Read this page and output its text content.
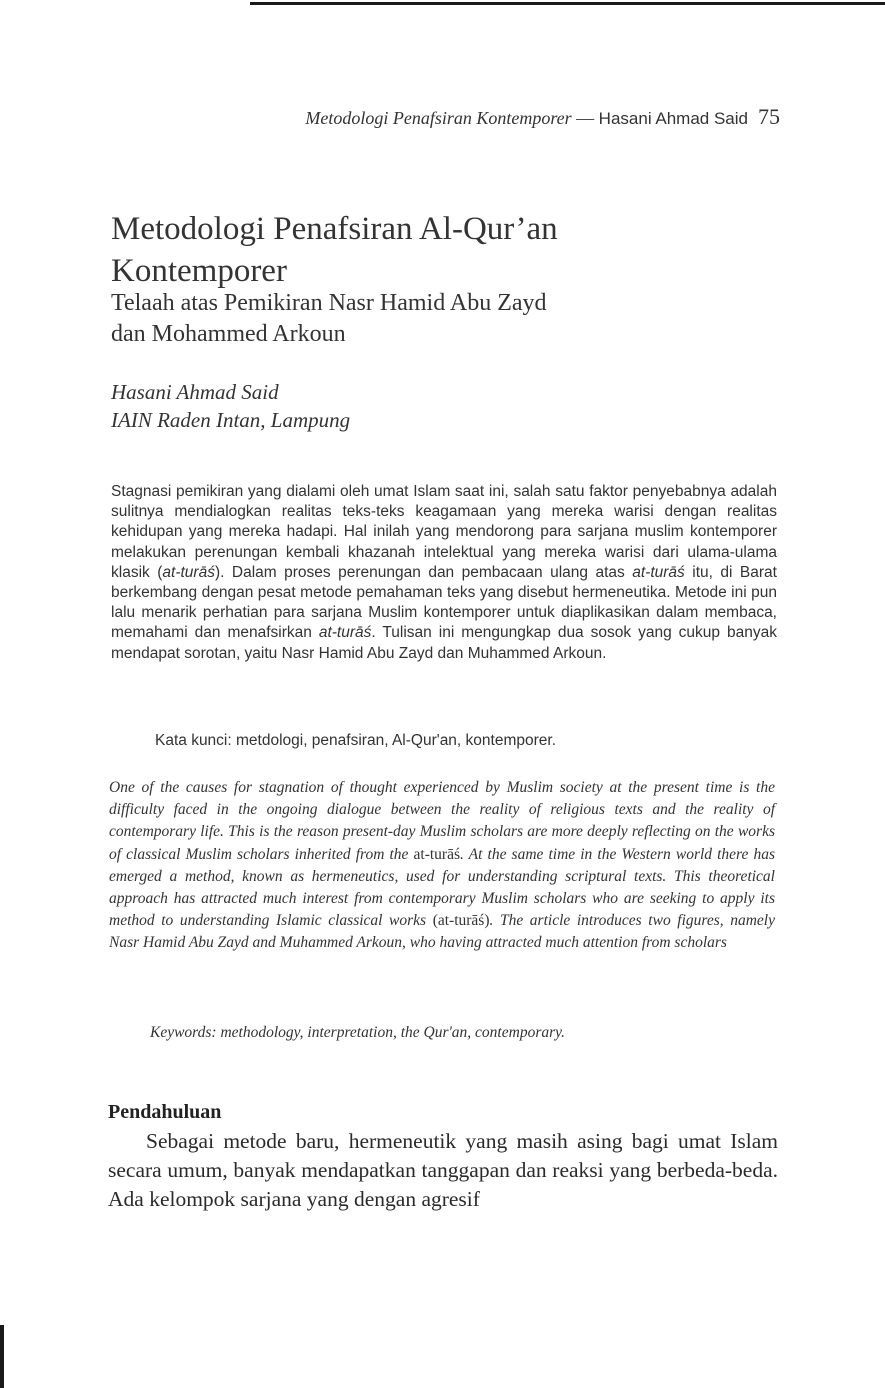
Metodologi Penafsiran Kontemporer — Hasani Ahmad Said 75
Metodologi Penafsiran Al-Qur’an
Kontemporer
Telaah atas Pemikiran Nasr Hamid Abu Zayd
dan Mohammed Arkoun
Hasani Ahmad Said
IAIN Raden Intan, Lampung

Stagnasi pemikiran yang dialami oleh umat Islam saat ini, salah satu faktor penyebabnya adalah sulitnya mendialogkan realitas teks-teks keagamaan yang mereka warisi dengan realitas kehidupan yang mereka hadapi. Hal inilah yang mendorong para sarjana muslim kontemporer melakukan perenungan kembali khazanah intelektual yang mereka warisi dari ulama-ulama klasik (at-turāś). Dalam proses perenungan dan pembacaan ulang atas at-turāś itu, di Barat berkembang dengan pesat metode pemahaman teks yang disebut hermeneutika. Metode ini pun lalu menarik perhatian para sarjana Muslim kontemporer untuk diaplikasikan dalam membaca, memahami dan menafsirkan at-turāś. Tulisan ini mengungkap dua sosok yang cukup banyak mendapat sorotan, yaitu Nasr Hamid Abu Zayd dan Muhammed Arkoun.

Kata kunci: metdologi, penafsiran, Al-Qur'an, kontemporer.

One of the causes for stagnation of thought experienced by Muslim society at the present time is the difficulty faced in the ongoing dialogue between the reality of religious texts and the reality of contemporary life. This is the reason present-day Muslim scholars are more deeply reflecting on the works of classical Muslim scholars inherited from the at-turāś. At the same time in the Western world there has emerged a method, known as hermeneutics, used for understanding scriptural texts. This theoretical approach has attracted much interest from contemporary Muslim scholars who are seeking to apply its method to understanding Islamic classical works (at-turāś). The article introduces two figures, namely Nasr Hamid Abu Zayd and Muhammed Arkoun, who having attracted much attention from scholars

Keywords: methodology, interpretation, the Qur'an, contemporary.
Pendahuluan

Sebagai metode baru, hermeneutik yang masih asing bagi umat Islam secara umum, banyak mendapatkan tanggapan dan reaksi yang berbeda-beda. Ada kelompok sarjana yang dengan agresif
